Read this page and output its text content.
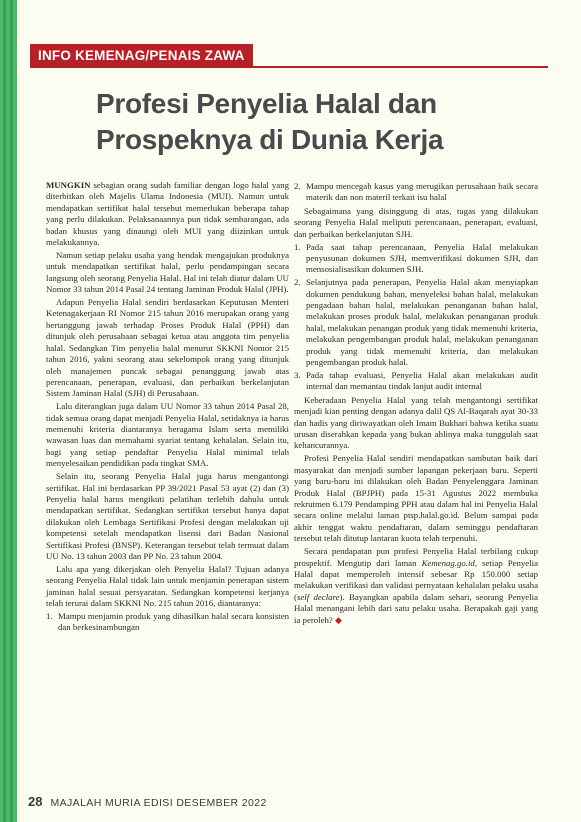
INFO KEMENAG/PENAIS ZAWA
Profesi Penyelia Halal dan
Prospeknya di Dunia Kerja

MUNGKIN sebagian orang sudah familiar dengan logo halal yang diterbitkan oleh Majelis Ulama Indonesia (MUI). Namun untuk mendapatkan sertifikat halal tersebut memerlukan beberapa tahap yang perlu dilakukan. Pelaksanaannya pun tidak sembarangan, ada badan khusus yang dinaungi oleh MUI yang diizinkan untuk melakukannya.

Namun setiap pelaku usaha yang hendak mengajukan produknya untuk mendapatkan sertifikat halal, perlu pendampingan secara langsung oleh seorang Penyelia Halal. Hal ini telah diatur dalam UU Nomor 33 tahun 2014 Pasal 24 tentang Jaminan Produk Halal (JPH).

Adapun Penyelia Halal sendiri berdasarkan Keputusan Menteri Ketenagakerjaan RI Nomor 215 tahun 2016 merupakan orang yang bertanggung jawab terhadap Proses Produk Halal (PPH) dan ditunjuk oleh perusahaan sebagai ketua atau anggota tim penyelia halal. Sedangkan Tim penyelia halal menurut SKKNI Nomor 215 tahun 2016, yakni seorang atau sekelompok orang yang ditunjuk oleh manajemen puncak sebagai penanggung jawab atas perencanaan, penerapan, evaluasi, dan perbaikan berkelanjutan Sistem Jaminan Halal (SJH) di Perusahaan.

Lalu diterangkan juga dalam UU Nomor 33 tahun 2014 Pasal 28, tidak semua orang dapat menjadi Penyelia Halal, setidaknya ia harus memenuhi kriteria diantaranya beragama Islam serta memiliki wawasan luas dan memahami syariat tentang kehalalan. Selain itu, bagi yang setiap pendaftar Penyelia Halal minimal telah menyelesaikan pendidikan pada tingkat SMA.

Selain itu, seorang Penyelia Halal juga harus mengantongi sertifikat. Hal ini berdasarkan PP 39/2021 Pasal 53 ayat (2) dan (3) Penyelia halal harus mengikuti pelatihan terlebih dahulu untuk mendapatkan sertifikat. Sedangkan sertifikat tersebut hanya dapat dilakukan oleh Lembaga Sertifikasi Profesi dengan melakukan uji kompetensi setelah mendapatkan lisensi dari Badan Nasional Sertifikasi Profesi (BNSP). Keterangan tersebut telah termuat dalam UU No. 13 tahun 2003 dan PP No. 23 tahun 2004.

Lalu apa yang dikerjakan oleh Penyelia Halal? Tujuan adanya seorang Penyelia Halal tidak lain untuk menjamin penerapan sistem jaminan halal sesuai persyaratan. Sedangkan kompetensi kerjanya telah terurai dalam SKKNI No. 215 tahun 2016, diantaranya:

1. Mampu menjamin produk yang dihasilkan halal secara konsisten dan berkesinambungan
2. Mampu mencegah kasus yang merugikan perusahaan baik secara materik dan non materil terkait isu halal

Sebagaimana yang disinggung di atas, tugas yang dilakukan seorang Penyelia Halal meliputi perencanaan, penerapan, evaluasi, dan perbaikan berkelanjutan SJH.

1. Pada saat tahap perencanaan, Penyelia Halal melakukan penyusunan dokumen SJH, memverifikasi dokumen SJH, dan mensosialisasikan dokumen SJH.
2. Selanjutnya pada penerapan, Penyelia Halal akan menyiapkan dokumen pendukung bahan, menyeleksi bahan halal, melakukan pengadaan bahan halal, melakukan penanganan bahan halal, melakukan proses produk halal, melakukan penanganan produk halal, melakukan penangan produk yang tidak memenuhi kriteria, melakukan pengembangan produk halal, melakukan penanganan produk yang tidak memenuhi kriteria, dan melakukan pengembangan produk halal.
3. Pada tahap evaluasi, Penyelia Halal akan melakukan audit internal dan memantau tindak lanjut audit internal

Keberadaan Penyelia Halal yang telah mengantongi sertifikat menjadi kian penting dengan adanya dalil QS Al-Baqarah ayat 30-33 dan hadis yang diriwayatkan oleh Imam Bukhari bahwa ketika suatu urusan diserahkan kepada yang bukan ahlinya maka tunggulah saat kehancurannya.

Profesi Penyelia Halal sendiri mendapatkan sambutan baik dari masyarakat dan menjadi sumber lapangan pekerjaan baru. Seperti yang baru-baru ini dilakukan oleh Badan Penyelenggara Jaminan Produk Halal (BPJPH) pada 15-31 Agustus 2022 membuka rekrutmen 6.179 Pendamping PPH atau dalam hal ini Penyelia Halal secara online melalui laman ptsp.halal.go.id. Belum sampai pada akhir tenggat waktu pendaftaran, dalam seminggu pendaftaran tersebut telah ditutup lantaran kuota telah terpenuhi.

Secara pendapatan pun profesi Penyelia Halal terbilang cukup prospektif. Mengutip dari laman Kemenag.go.id, setiap Penyelia Halal dapat memperoleh intensif sebesar Rp 150.000 setiap melakukan verifikasi dan validasi pernyataan kehalalan pelaku usaha (self declare). Bayangkan apabila dalam sehari, seorang Penyelia Halal menangani lebih dari satu pelaku usaha. Berapakah gaji yang ia peroleh? ◆

28 MAJALAH MURIA EDISI DESEMBER 2022
